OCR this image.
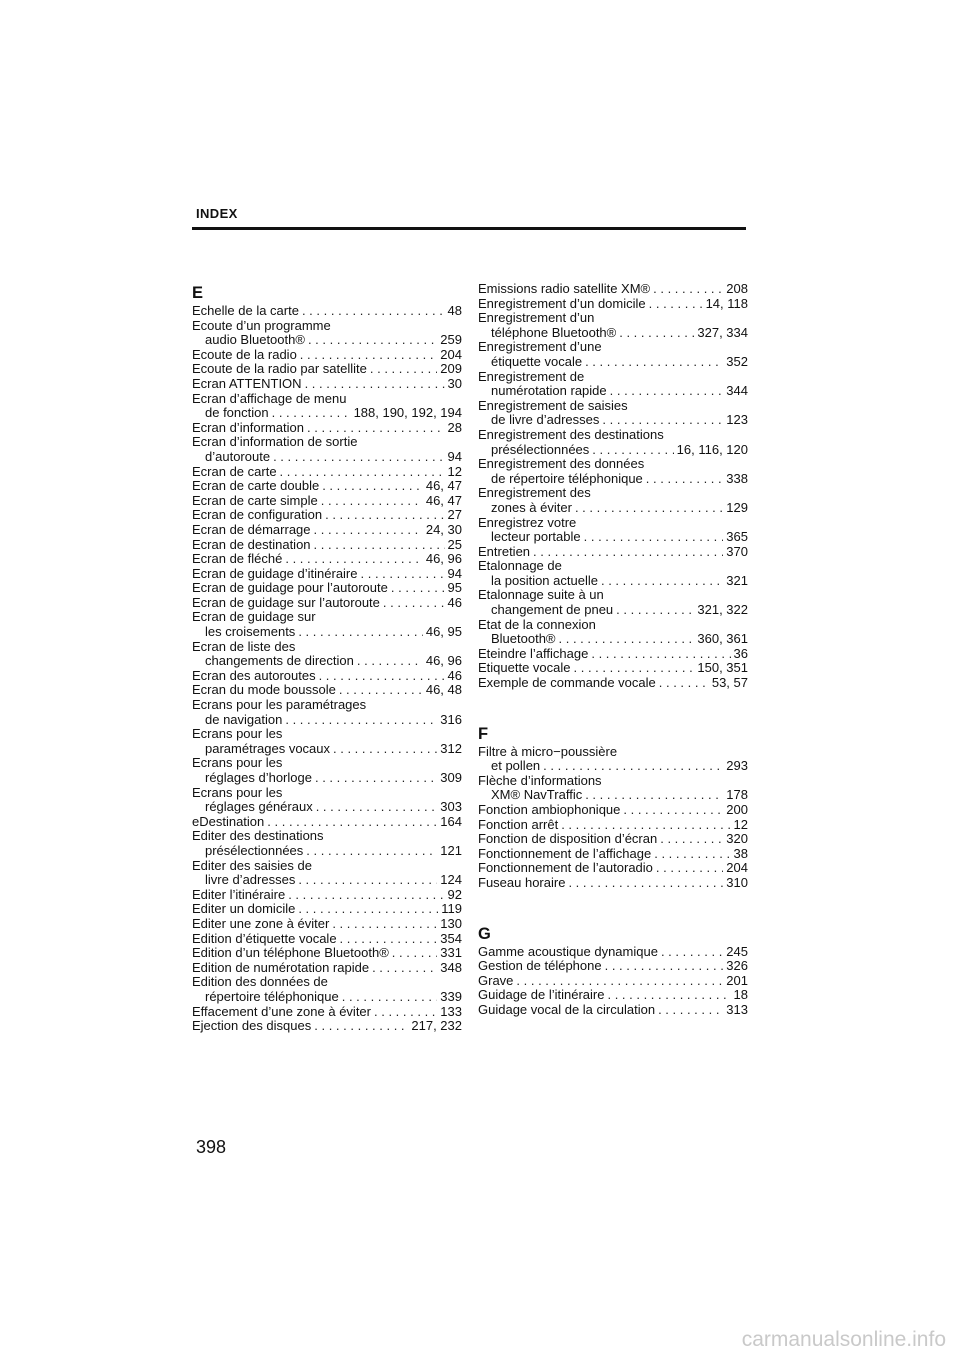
INDEX
E
Echelle de la carte . . .	48
Ecoute d’un programme
audio Bluetooth® . . .	259
Ecoute de la radio . . .	204
Ecoute de la radio par satellite . . .	209
Ecran ATTENTION . . .	30
Ecran d’affichage de menu
de fonction . . .	188, 190, 192, 194
Ecran d’information . . .	28
Ecran d’information de sortie
d’autoroute . . .	94
Ecran de carte . . .	12
Ecran de carte double . . .	46, 47
Ecran de carte simple . . .	46, 47
Ecran de configuration . . .	27
Ecran de démarrage . . .	24, 30
Ecran de destination . . .	25
Ecran de fléché . . .	46, 96
Ecran de guidage d’itinéraire . . .	94
Ecran de guidage pour l’autoroute . . .	95
Ecran de guidage sur l’autoroute . . .	46
Ecran de guidage sur
les croisements . . .	46, 95
Ecran de liste des
changements de direction . . .	46, 96
Ecran des autoroutes . . .	46
Ecran du mode boussole . . .	46, 48
Ecrans pour les paramétrages
de navigation . . .	316
Ecrans pour les
paramétrages vocaux . . .	312
Ecrans pour les
réglages d’horloge . . .	309
Ecrans pour les
réglages généraux . . .	303
eDestination . . .	164
Editer des destinations
présélectionnées . . .	121
Editer des saisies de
livre d’adresses . . .	124
Editer l’itinéraire . . .	92
Editer un domicile . . .	119
Editer une zone à éviter . . .	130
Edition d’étiquette vocale . . .	354
Edition d’un téléphone Bluetooth® . . .	331
Edition de numérotation rapide . . .	348
Edition des données de
répertoire téléphonique . . .	339
Effacement d’une zone à éviter . . .	133
Ejection des disques . . .	217, 232
Emissions radio satellite XM® . . .	208
Enregistrement d’un domicile . . .	14, 118
Enregistrement d’un
téléphone Bluetooth® . . .	327, 334
Enregistrement d’une
étiquette vocale . . .	352
Enregistrement de
numérotation rapide . . .	344
Enregistrement de saisies
de livre d’adresses . . .	123
Enregistrement des destinations
présélectionnées . . .	16, 116, 120
Enregistrement des données
de répertoire téléphonique . . .	338
Enregistrement des
zones à éviter . . .	129
Enregistrez votre
lecteur portable . . .	365
Entretien . . .	370
Etalonnage de
la position actuelle . . .	321
Etalonnage suite à un
changement de pneu . . .	321, 322
Etat de la connexion
Bluetooth® . . .	360, 361
Eteindre l’affichage . . .	36
Etiquette vocale . . .	150, 351
Exemple de commande vocale . . .	53, 57
F
Filtre à micro−poussière
et pollen . . .	293
Flèche d’informations
XM® NavTraffic . . .	178
Fonction ambiophonique . . .	200
Fonction arrêt . . .	12
Fonction de disposition d’écran . . .	320
Fonctionnement de l’affichage . . .	38
Fonctionnement de l’autoradio . . .	204
Fuseau horaire . . .	310
G
Gamme acoustique dynamique . . .	245
Gestion de téléphone . . .	326
Grave . . .	201
Guidage de l’itinéraire . . .	18
Guidage vocal de la circulation . . .	313
398
carmanualsonline.info
